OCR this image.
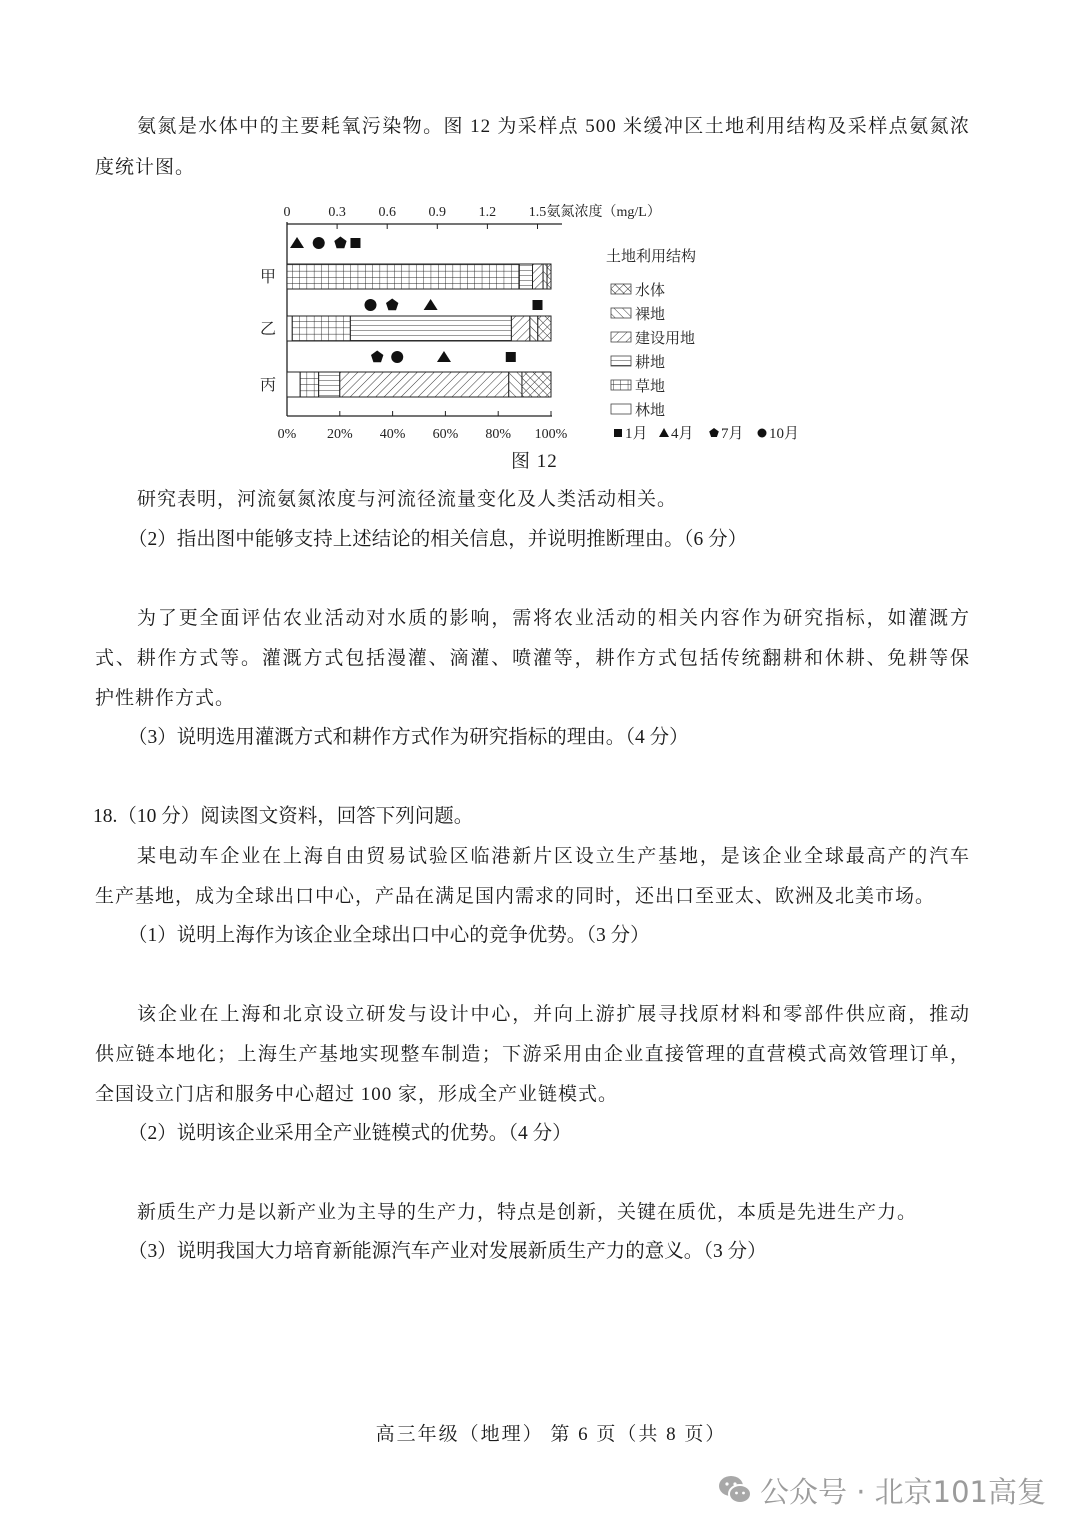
氨氮是水体中的主要耗氧污染物。图 12 为采样点 500 米缓冲区土地利用结构及采样点氨氮浓
度统计图。
0	0.3 0.6 0.9 1.2 1.5 氨氮浓度（mg/L）
0% 20% 40% 60% 80% 100%
甲
乙
丙
土地利用结构
水体
裸地
建设用地
耕地
草地
林地
1月 4月 7月 10月
图 12
研究表明，河流氨氮浓度与河流径流量变化及人类活动相关。
（2）指出图中能够支持上述结论的相关信息，并说明推断理由。（6 分）
为了更全面评估农业活动对水质的影响，需将农业活动的相关内容作为研究指标，如灌溉方
式、耕作方式等。灌溉方式包括漫灌、滴灌、喷灌等，耕作方式包括传统翻耕和休耕、免耕等保
护性耕作方式。
（3）说明选用灌溉方式和耕作方式作为研究指标的理由。（4 分）
18.（10 分）阅读图文资料，回答下列问题。
某电动车企业在上海自由贸易试验区临港新片区设立生产基地，是该企业全球最高产的汽车
生产基地，成为全球出口中心，产品在满足国内需求的同时，还出口至亚太、欧洲及北美市场。
（1）说明上海作为该企业全球出口中心的竞争优势。（3 分）
该企业在上海和北京设立研发与设计中心，并向上游扩展寻找原材料和零部件供应商，推动
供应链本地化；上海生产基地实现整车制造；下游采用由企业直接管理的直营模式高效管理订单，
全国设立门店和服务中心超过 100 家，形成全产业链模式。
（2）说明该企业采用全产业链模式的优势。（4 分）
新质生产力是以新产业为主导的生产力，特点是创新，关键在质优，本质是先进生产力。
（3）说明我国大力培育新能源汽车产业对发展新质生产力的意义。（3 分）
高三年级（地理） 第 6 页（共 8 页）
公众号 · 北京101高复
